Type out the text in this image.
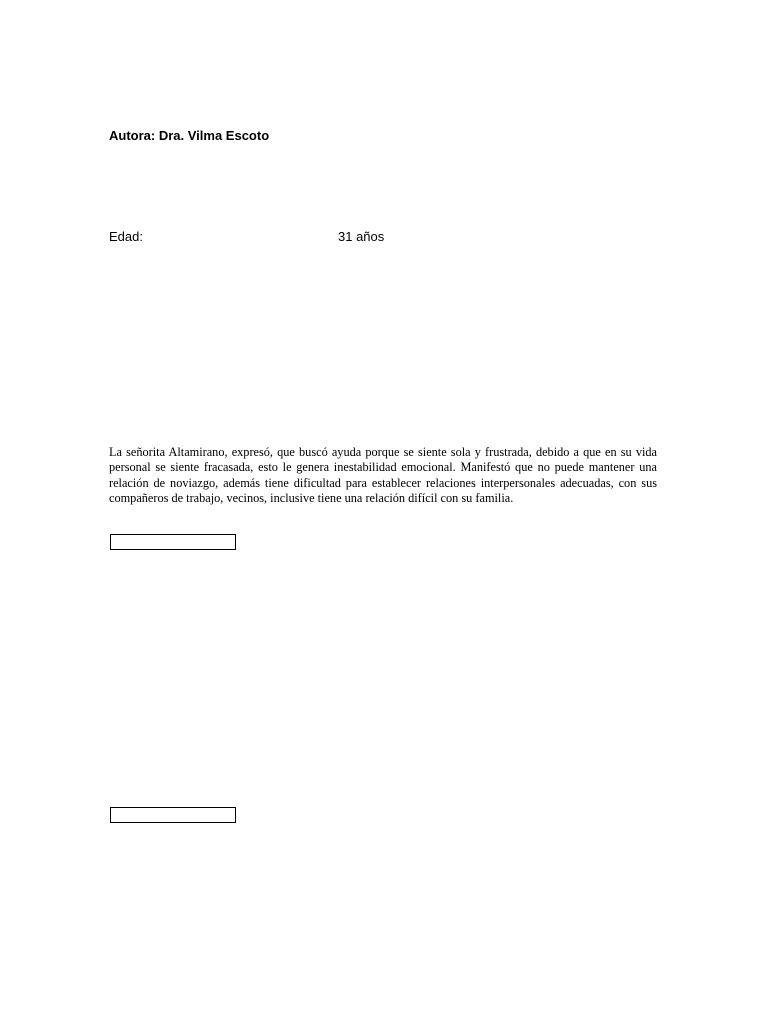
Autora: Dra. Vilma Escoto
Edad:	31 años
La señorita Altamirano, expresó, que buscó ayuda porque se siente sola y frustrada, debido a que en su vida personal se siente fracasada, esto le genera inestabilidad emocional. Manifestó que no puede mantener una relación de noviazgo, además tiene dificultad para establecer relaciones interpersonales adecuadas, con sus compañeros de trabajo, vecinos, inclusive tiene una relación difícil con su familia.
